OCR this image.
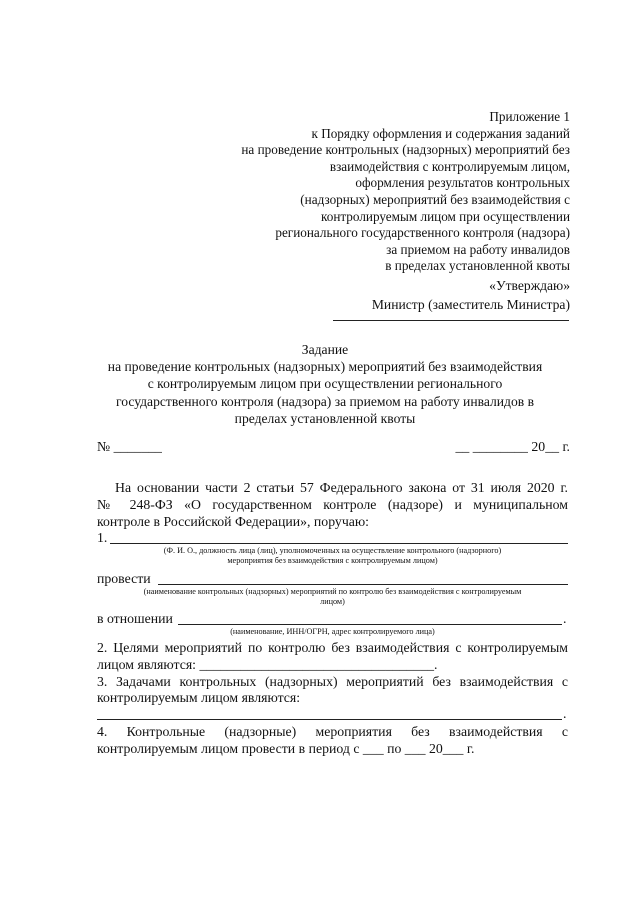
Приложение 1
к Порядку оформления и содержания заданий
на проведение контрольных (надзорных) мероприятий без
взаимодействия с контролируемым лицом,
оформления результатов контрольных
(надзорных) мероприятий без взаимодействия с
контролируемым лицом при осуществлении
регионального государственного контроля (надзора)
за приемом на работу инвалидов
в пределах установленной квоты
«Утверждаю»
Министр (заместитель Министра)
Задание
на проведение контрольных (надзорных) мероприятий без взаимодействия
с контролируемым лицом при осуществлении регионального
государственного контроля (надзора) за приемом на работу инвалидов в
пределах установленной квоты
№ _______	__ ________ 20__ г.
На основании части 2 статьи 57 Федерального закона от 31 июля 2020 г.
№ 248-ФЗ «О государственном контроле (надзоре) и муниципальном
контроле в Российской Федерации», поручаю:
1.
(Ф. И. О., должность лица (лиц), уполномоченных на осуществление контрольного (надзорного)
мероприятия без взаимодействия с контролируемым лицом)
провести
(наименование контрольных (надзорных) мероприятий по контролю без взаимодействия с контролируемым
лицом)
в отношении	.
(наименование, ИНН/ОГРН, адрес контролируемого лица)
2. Целями мероприятий по контролю без взаимодействия с контролируемым
лицом являются: __________________________________.
3. Задачами контрольных (надзорных) мероприятий без взаимодействия с
контролируемым лицом являются:
.
4. Контрольные (надзорные) мероприятия без взаимодействия с
контролируемым лицом провести в период с ___ по ___ 20___ г.
